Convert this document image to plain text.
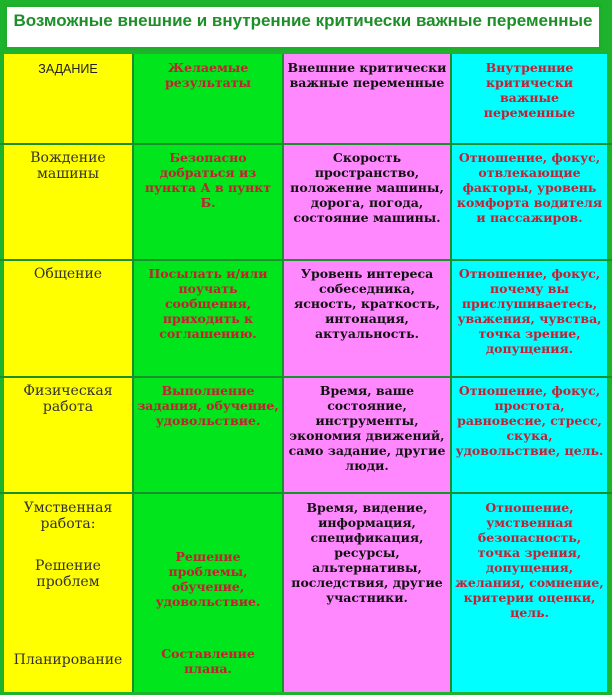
Возможные внешние и внутренние критически важные переменные
ЗАДАНИЕ	Желаемые результаты
Внешние критически важные переменные
Внутренние критически важные переменные
Вождение машины
Безопасно добраться из пункта А в пункт Б.
Скорость пространство, положение машины, дорога, погода, состояние машины.
Отношение, фокус, отвлекающие факторы, уровень комфорта водителя и пассажиров.
Общение	Посылать и/или поучать сообщения, приходить к соглашению.
Уровень интереса собеседника, ясность, краткость, интонация, актуальность.
Отношение, фокус, почему вы прислушиваетесь, уважения, чувства, точка зрение, допущения.
Физическая работа
Выполнение задания, обучение, удовольствие.
Время, ваше состояние, инструменты, экономия движений, само задание, другие люди.
Отношение, фокус, простота, равновесие, стресс, скука, удовольствие, цель.
Умственная работа:
Решение проблем
Планирование
Решение проблемы, обучение, удовольствие.
Составление плана.
Время, видение, информация, спецификация, ресурсы, альтернативы, последствия, другие участники.
Отношение, умственная безопасность, точка зрения, допущения, желания, сомнение, критерии оценки, цель.
